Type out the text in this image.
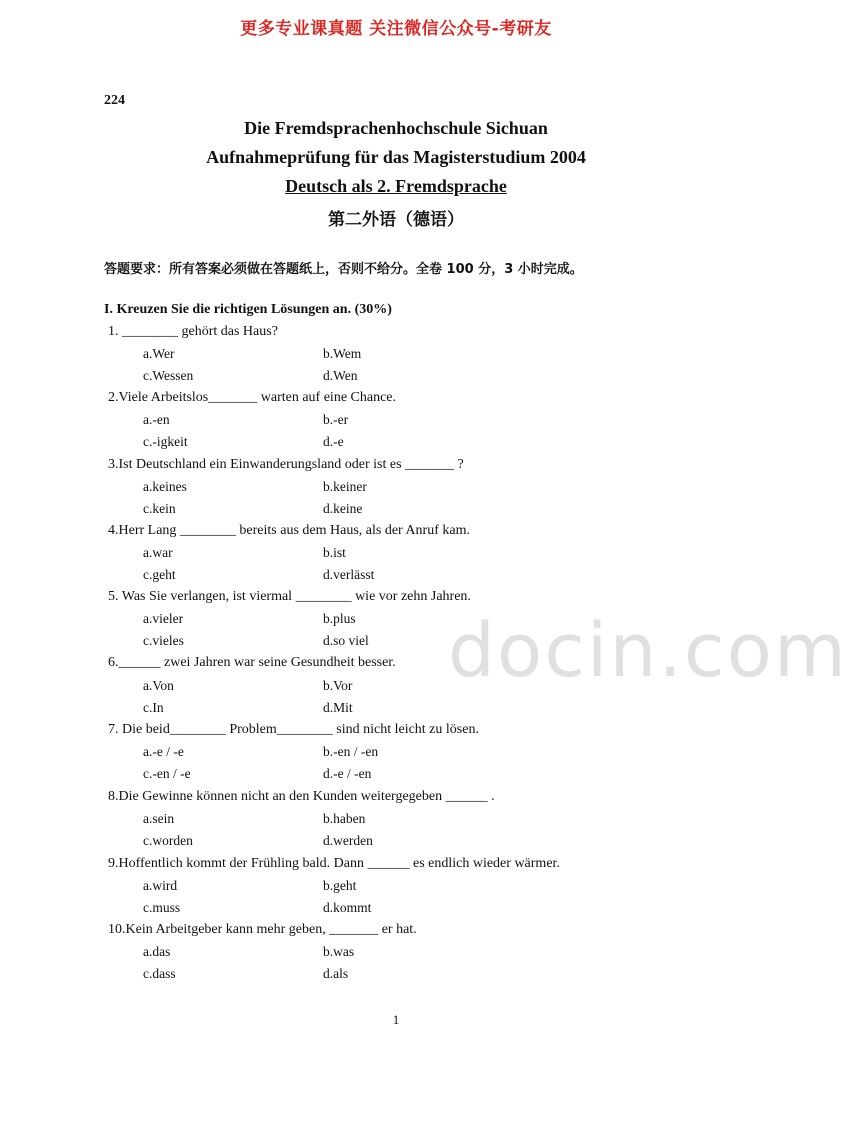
更多专业课真题 关注微信公众号-考研友
224
Die Fremdsprachenhochschule Sichuan
Aufnahmeprüfung für das Magisterstudium 2004
Deutsch als 2. Fremdsprache
第二外语（德语）
答题要求：所有答案必须做在答题纸上，否则不给分。全卷 100 分，3 小时完成。
I. Kreuzen Sie die richtigen Lösungen an. (30%)
1. ________ gehört das Haus?
a.Wer	b.Wem
c.Wessen	d.Wen
2.Viele Arbeitslos_______ warten auf eine Chance.
a.-en	b.-er
c.-igkeit	d.-e
3.Ist Deutschland ein Einwanderungsland oder ist es _______ ?
a.keines	b.keiner
c.kein	d.keine
4.Herr Lang ________ bereits aus dem Haus, als der Anruf kam.
a.war	b.ist
c.geht	d.verlässt
5. Was Sie verlangen, ist viermal ________ wie vor zehn Jahren.
a.vieler	b.plus
c.vieles	d.so viel
6.______ zwei Jahren war seine Gesundheit besser.
a.Von	b.Vor
c.In	d.Mit
7. Die beid________ Problem________ sind nicht leicht zu lösen.
a.-e / -e	b.-en / -en
c.-en / -e	d.-e / -en
8.Die Gewinne können nicht an den Kunden weitergegeben ______ .
a.sein	b.haben
c.worden	d.werden
9.Hoffentlich kommt der Frühling bald. Dann ______ es endlich wieder wärmer.
a.wird	b.geht
c.muss	d.kommt
10.Kein Arbeitgeber kann mehr geben, _______ er hat.
a.das	b.was
c.dass	d.als
docin.com
1
